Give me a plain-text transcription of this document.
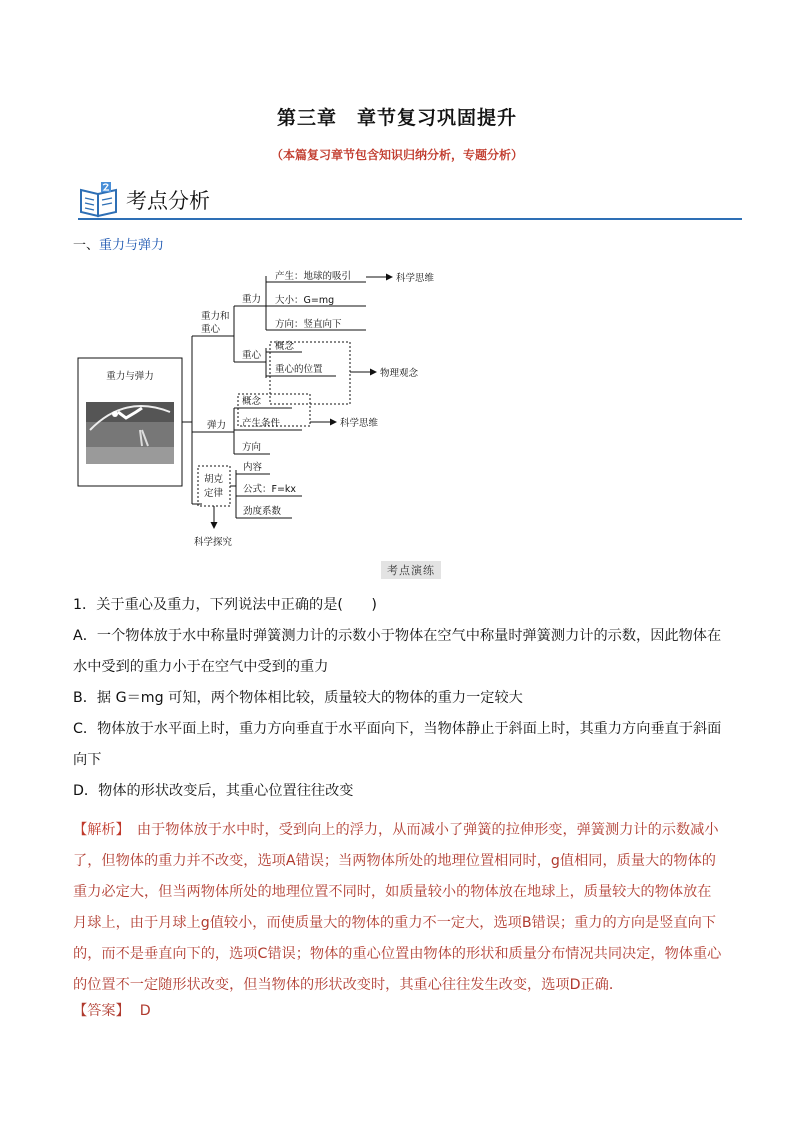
第三章　章节复习巩固提升
（本篇复习章节包含知识归纳分析，专题分析）
考点分析
一、重力与弹力
重力与弹力
重力和
重心
重力
产生：地球的吸引
大小：G=mg
方向：竖直向下
科学思维
重心
概念
重心的位置	物理观念
弹力
概念
产生条件
方向
科学思维
胡克
定律
内容
公式：F=kx
劲度系数
科学探究
考点演练

1．关于重心及重力，下列说法中正确的是(　　)

A．一个物体放于水中称量时弹簧测力计的示数小于物体在空气中称量时弹簧测力计的示数，因此物体在水中受到的重力小于在空气中受到的重力

B．据 G＝mg 可知，两个物体相比较，质量较大的物体的重力一定较大

C．物体放于水平面上时，重力方向垂直于水平面向下，当物体静止于斜面上时，其重力方向垂直于斜面向下

D．物体的形状改变后，其重心位置往往改变

【解析】　由于物体放于水中时，受到向上的浮力，从而减小了弹簧的拉伸形变，弹簧测力计的示数减小了，但物体的重力并不改变，选项A错误；当两物体所处的地理位置相同时，g值相同，质量大的物体的重力必定大，但当两物体所处的地理位置不同时，如质量较小的物体放在地球上，质量较大的物体放在月球上，由于月球上g值较小，而使质量大的物体的重力不一定大，选项B错误；重力的方向是竖直向下的，而不是垂直向下的，选项C错误；物体的重心位置由物体的形状和质量分布情况共同决定，物体重心的位置不一定随形状改变，但当物体的形状改变时，其重心往往发生改变，选项D正确．

【答案】 D
